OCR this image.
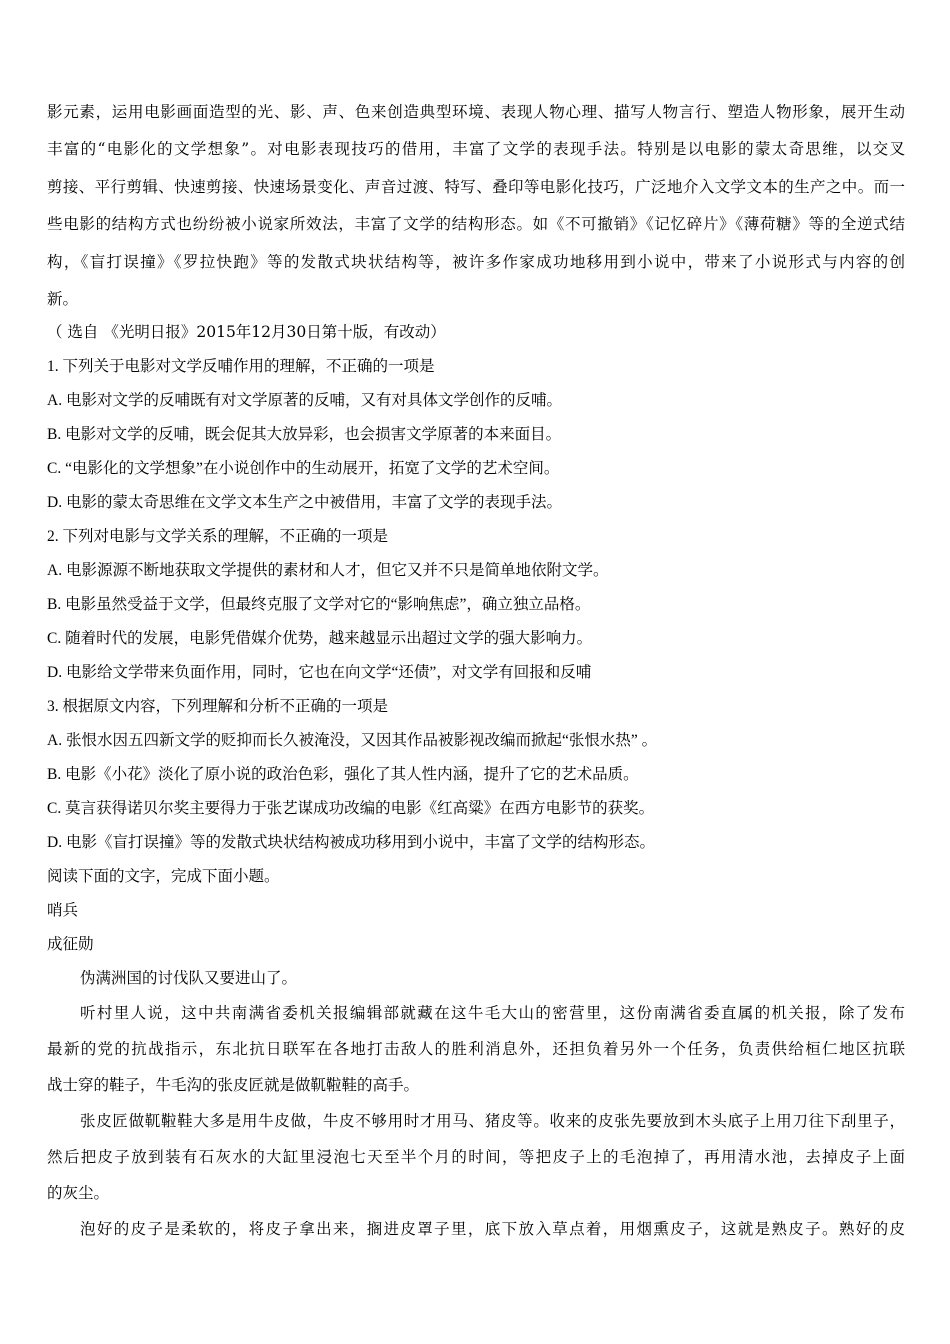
影元素，运用电影画面造型的光、影、声、色来创造典型环境、表现人物心理、描写人物言行、塑造人物形象，展开生动
丰富的“电影化的文学想象”。对电影表现技巧的借用，丰富了文学的表现手法。特别是以电影的蒙太奇思维，以交叉
剪接、平行剪辑、快速剪接、快速场景变化、声音过渡、特写、叠印等电影化技巧，广泛地介入文学文本的生产之中。而一
些电影的结构方式也纷纷被小说家所效法，丰富了文学的结构形态。如《不可撤销》《记忆碎片》《薄荷糖》等的全逆式结
构，《盲打误撞》《罗拉快跑》等的发散式块状结构等，被许多作家成功地移用到小说中，带来了小说形式与内容的创
新。
（ 选自 《光明日报》2015年12月30日第十版，有改动）
1. 下列关于电影对文学反哺作用的理解，不正确的一项是
A. 电影对文学的反哺既有对文学原著的反哺，又有对具体文学创作的反哺。
B. 电影对文学的反哺，既会促其大放异彩，也会损害文学原著的本来面目。
C. “电影化的文学想象”在小说创作中的生动展开，拓宽了文学的艺术空间。
D. 电影的蒙太奇思维在文学文本生产之中被借用，丰富了文学的表现手法。
2. 下列对电影与文学关系的理解，不正确的一项是
A. 电影源源不断地获取文学提供的素材和人才，但它又并不只是简单地依附文学。
B. 电影虽然受益于文学，但最终克服了文学对它的“影响焦虑”，确立独立品格。
C. 随着时代的发展，电影凭借媒介优势，越来越显示出超过文学的强大影响力。
D. 电影给文学带来负面作用，同时，它也在向文学“还债”，对文学有回报和反哺
3. 根据原文内容，下列理解和分析不正确的一项是
A. 张恨水因五四新文学的贬抑而长久被淹没，又因其作品被影视改编而掀起“张恨水热” 。
B. 电影《小花》淡化了原小说的政治色彩，强化了其人性内涵，提升了它的艺术品质。
C. 莫言获得诺贝尔奖主要得力于张艺谋成功改编的电影《红高粱》在西方电影节的获奖。
D. 电影《盲打误撞》等的发散式块状结构被成功移用到小说中，丰富了文学的结构形态。
阅读下面的文字，完成下面小题。
哨兵
成征勋
伪满洲国的讨伐队又要进山了。
听村里人说，这中共南满省委机关报编辑部就藏在这牛毛大山的密营里，这份南满省委直属的机关报，除了发布
最新的党的抗战指示，东北抗日联军在各地打击敌人的胜利消息外，还担负着另外一个任务，负责供给桓仁地区抗联
战士穿的鞋子，牛毛沟的张皮匠就是做靰鞡鞋的高手。
张皮匠做靰鞡鞋大多是用牛皮做，牛皮不够用时才用马、猪皮等。收来的皮张先要放到木头底子上用刀往下刮里子，
然后把皮子放到装有石灰水的大缸里浸泡七天至半个月的时间，等把皮子上的毛泡掉了，再用清水池，去掉皮子上面
的灰尘。
泡好的皮子是柔软的，将皮子拿出来，搁进皮罩子里，底下放入草点着，用烟熏皮子，这就是熟皮子。熟好的皮
